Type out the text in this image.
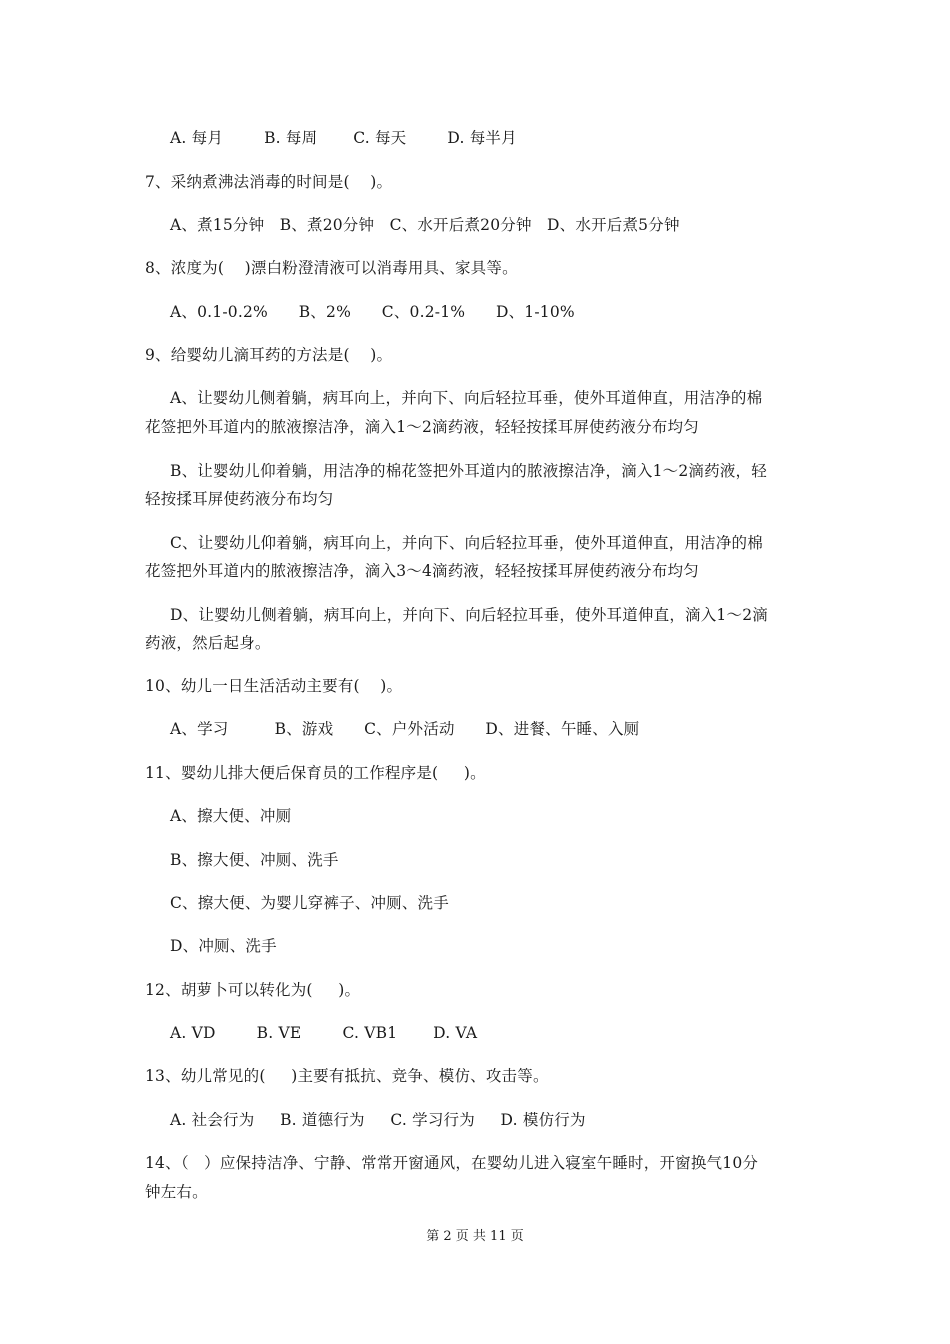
A. 每月        B. 每周       C. 每天        D. 每半月
7、采纳煮沸法消毒的时间是(    )。
A、煮15分钟   B、煮20分钟   C、水开后煮20分钟   D、水开后煮5分钟
8、浓度为(    )漂白粉澄清液可以消毒用具、家具等。
A、0.1-0.2%      B、2%      C、0.2-1%      D、1-10%
9、给婴幼儿滴耳药的方法是(    )。
A、让婴幼儿侧着躺，病耳向上，并向下、向后轻拉耳垂，使外耳道伸直，用洁净的棉
花签把外耳道内的脓液擦洁净，滴入1～2滴药液，轻轻按揉耳屏使药液分布均匀
B、让婴幼儿仰着躺，用洁净的棉花签把外耳道内的脓液擦洁净，滴入1～2滴药液，轻
轻按揉耳屏使药液分布均匀
C、让婴幼儿仰着躺，病耳向上，并向下、向后轻拉耳垂，使外耳道伸直，用洁净的棉
花签把外耳道内的脓液擦洁净，滴入3～4滴药液，轻轻按揉耳屏使药液分布均匀
D、让婴幼儿侧着躺，病耳向上，并向下、向后轻拉耳垂，使外耳道伸直，滴入1～2滴
药液，然后起身。
10、幼儿一日生活活动主要有(    )。
A、学习         B、游戏      C、户外活动      D、进餐、午睡、入厕
11、婴幼儿排大便后保育员的工作程序是(     )。
A、擦大便、冲厕
B、擦大便、冲厕、洗手
C、擦大便、为婴儿穿裤子、冲厕、洗手
D、冲厕、洗手
12、胡萝卜可以转化为(     )。
A. VD        B. VE        C. VB1       D. VA
13、幼儿常见的(     )主要有抵抗、竞争、模仿、攻击等。
A. 社会行为     B. 道德行为     C. 学习行为     D. 模仿行为
14、（   ）应保持洁净、宁静、常常开窗通风，在婴幼儿进入寝室午睡时，开窗换气10分
钟左右。
第 2 页 共 11 页
